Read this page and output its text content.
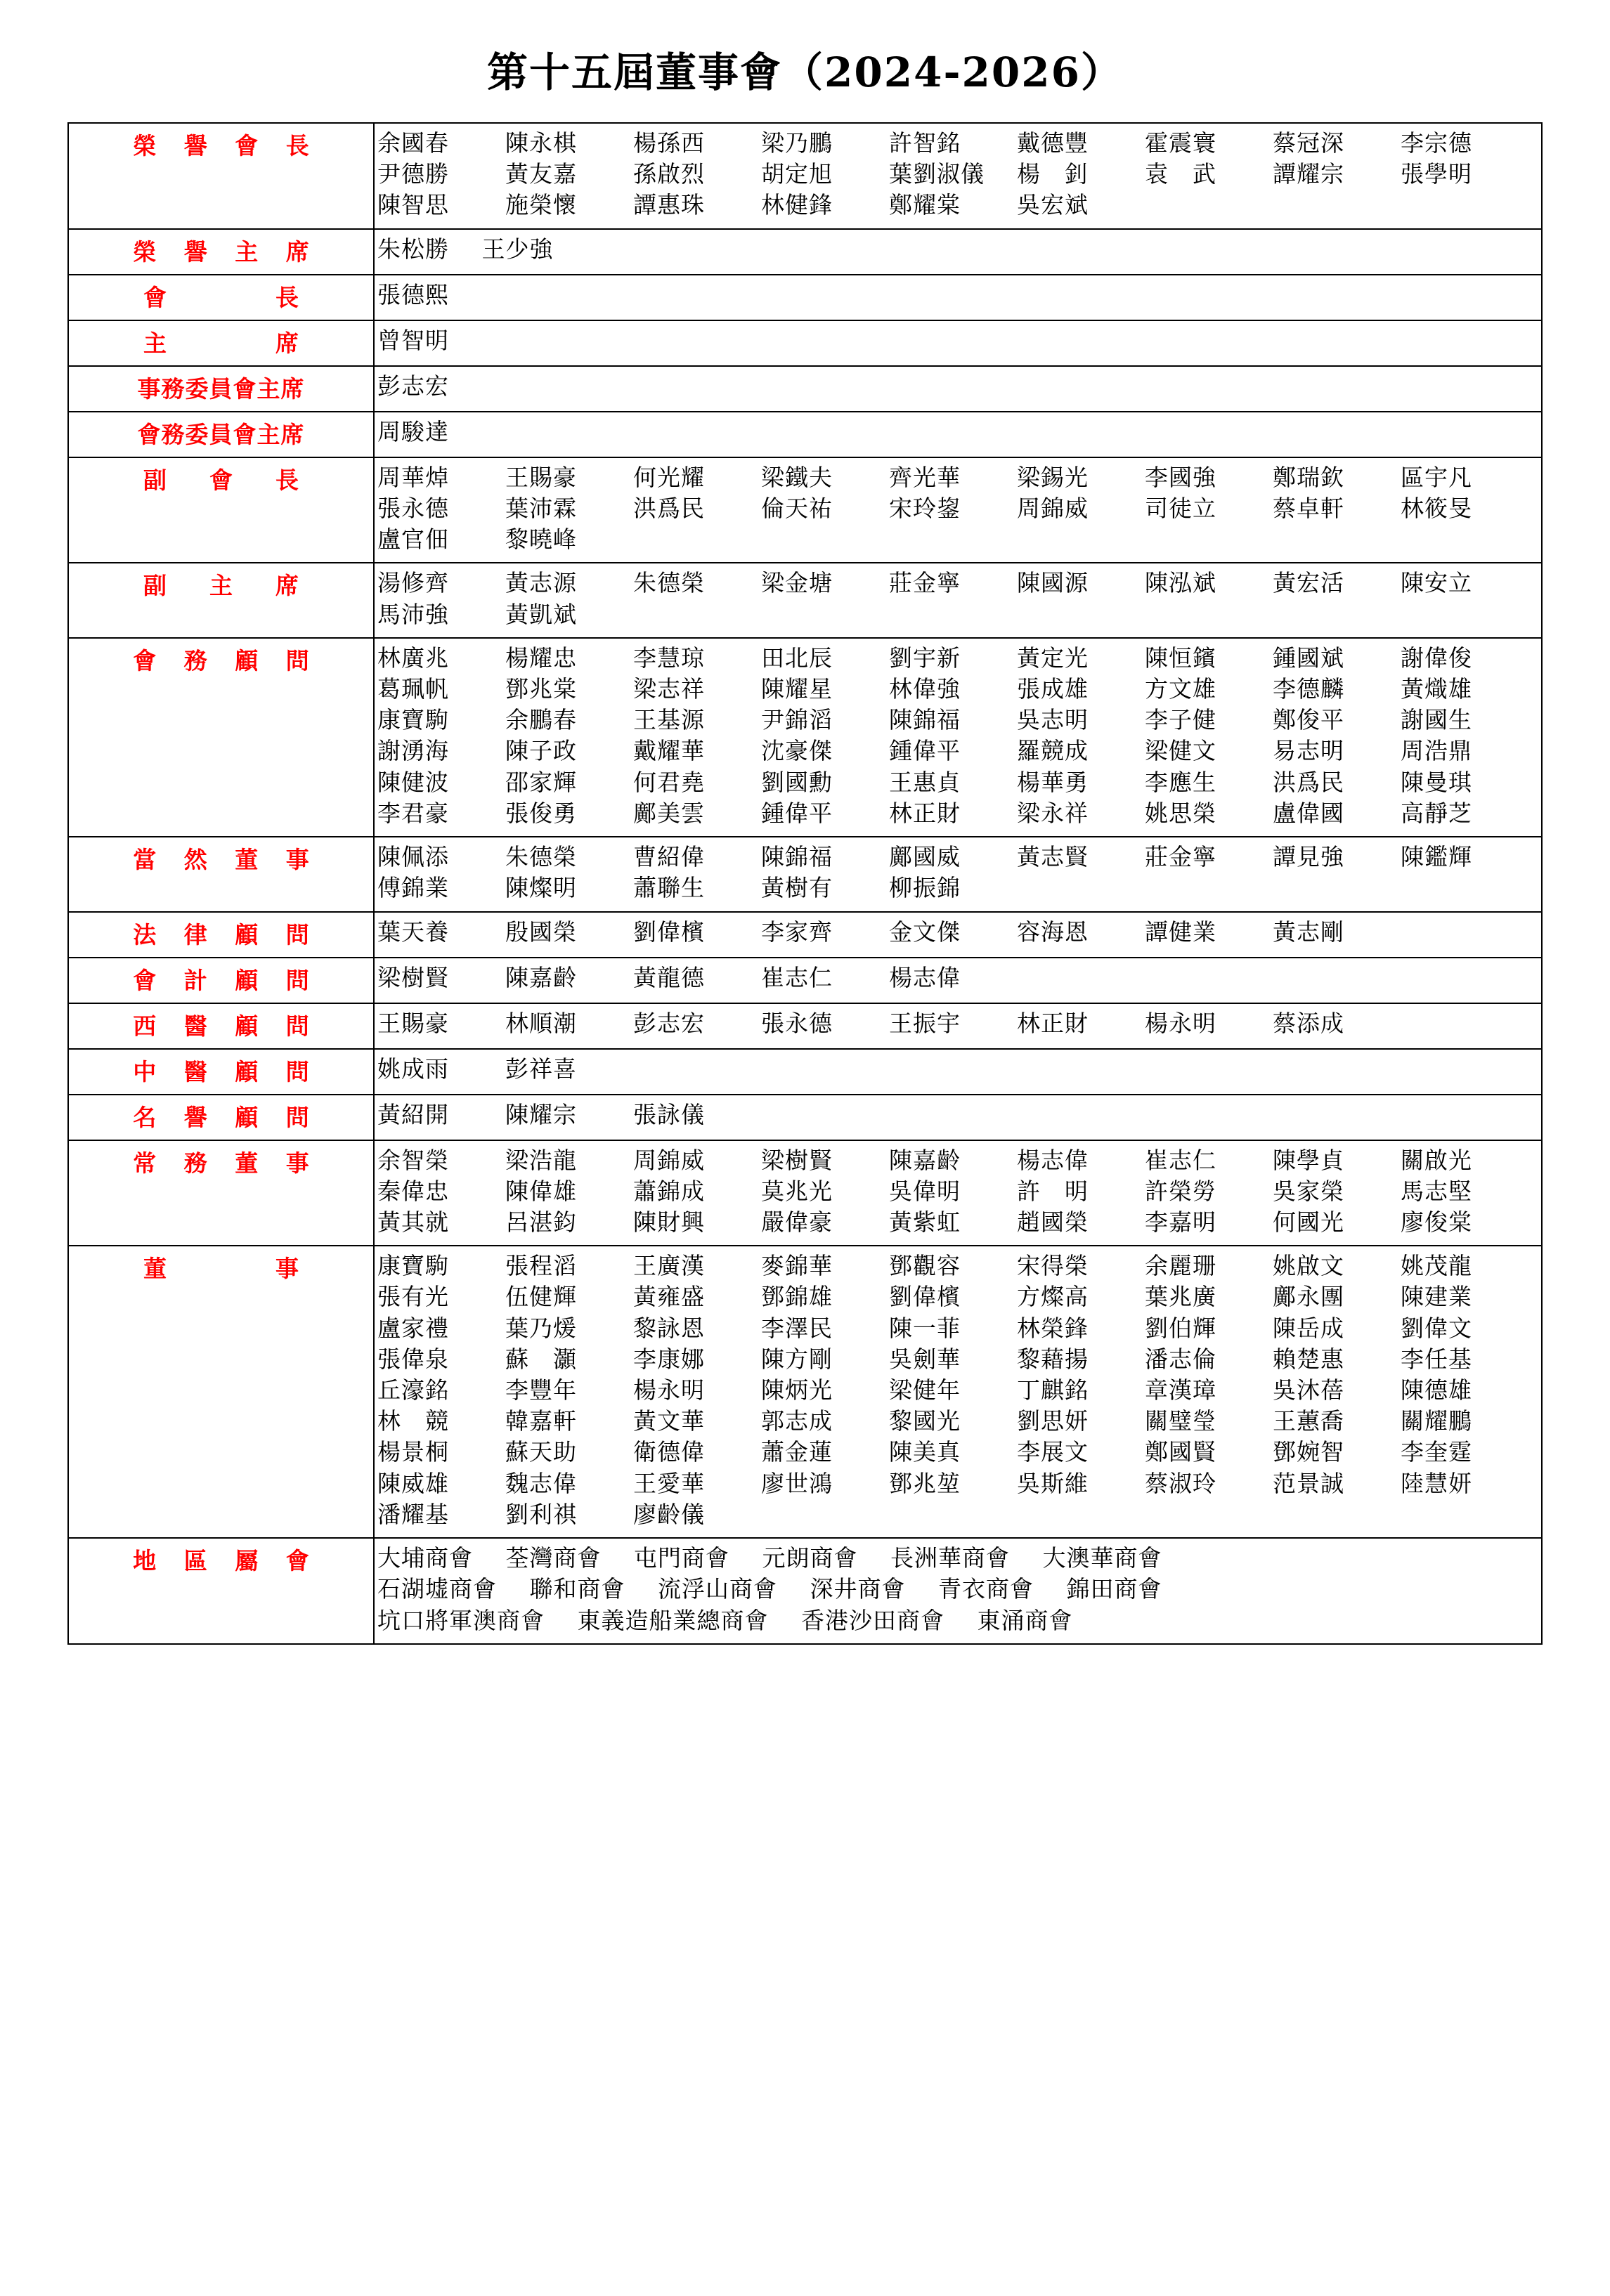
第十五屆董事會（2024-2026）
榮 譽 會 長	余國春	陳永棋	楊孫西	梁乃鵬	許智銘	戴德豐	霍震寰	蔡冠深	李宗德
尹德勝	黃友嘉	孫啟烈	胡定旭	葉劉淑儀	楊　釗	袁　武	譚耀宗	張學明
陳智思	施榮懷	譚惠珠	林健鋒	鄭耀棠	吳宏斌

榮 譽 主 席	朱松勝 王少強

會　　　長	張德熙

主　　　席	曾智明

事務委員會主席	彭志宏

會務委員會主席	周駿達

副　會　長	周華焯	王賜豪	何光耀	梁鐵夫	齊光華	梁錫光	李國強	鄭瑞欽	區宇凡
張永德	葉沛霖	洪爲民	倫天祐	宋玲鋆	周錦威	司徒立	蔡卓軒	林筱旻
盧官佃	黎曉峰

副　主　席	湯修齊	黃志源	朱德榮	梁金塘	莊金寧	陳國源	陳泓斌	黃宏活	陳安立
馬沛強	黃凱斌

會 務 顧 問	林廣兆	楊耀忠	李慧琼	田北辰	劉宇新	黃定光	陳恒鑌	鍾國斌	謝偉俊
葛珮帆	鄧兆棠	梁志祥	陳耀星	林偉強	張成雄	方文雄	李德麟	黃熾雄
康寶駒	余鵬春	王基源	尹錦滔	陳錦福	吳志明	李子健	鄭俊平	謝國生
謝湧海	陳子政	戴耀華	沈豪傑	鍾偉平	羅競成	梁健文	易志明	周浩鼎
陳健波	邵家輝	何君堯	劉國勳	王惠貞	楊華勇	李應生	洪爲民	陳曼琪
李君豪	張俊勇	鄺美雲	鍾偉平	林正財	梁永祥	姚思榮	盧偉國	高靜芝

當 然 董 事	陳佩添	朱德榮	曹紹偉	陳錦福	鄺國威	黃志賢	莊金寧	譚見強	陳鑑輝
傅錦業	陳燦明	蕭聯生	黃樹有	柳振錦

法 律 顧 問	葉天養	殷國榮	劉偉檳	李家齊	金文傑	容海恩	譚健業	黃志剛

會 計 顧 問	梁樹賢 陳嘉齡 黃龍德 崔志仁 楊志偉

西 醫 顧 問	王賜豪	林順潮	彭志宏	張永德	王振宇	林正財	楊永明	蔡添成

中 醫 顧 問	姚成雨 彭祥喜

名 譽 顧 問	黃紹開 陳耀宗 張詠儀

常 務 董 事	余智榮	梁浩龍	周錦威	梁樹賢	陳嘉齡	楊志偉	崔志仁	陳學貞	關啟光
秦偉忠	陳偉雄	蕭錦成	莫兆光	吳偉明	許　明	許榮勞	吳家榮	馬志堅
黃其就	呂湛鈞	陳財興	嚴偉豪	黃紫虹	趙國榮	李嘉明	何國光	廖俊棠

董　　　事	康寶駒	張程滔	王廣漢	麥錦華	鄧觀容	宋得榮	余麗珊	姚啟文	姚茂龍
張有光	伍健輝	黃雍盛	鄧錦雄	劉偉檳	方燦高	葉兆廣	鄺永團	陳建業
盧家禮	葉乃煖	黎詠恩	李澤民	陳一菲	林榮鋒	劉伯輝	陳岳成	劉偉文
張偉泉	蘇　灝	李康娜	陳方剛	吳劍華	黎藉揚	潘志倫	賴楚惠	李任基
丘濠銘	李豐年	楊永明	陳炳光	梁健年	丁麒銘	章漢璋	吳沐蓓	陳德雄
林　競	韓嘉軒	黃文華	郭志成	黎國光	劉思妍	關璧瑩	王蕙喬	關耀鵬
楊景桐	蘇天助	衛德偉	蕭金蓮	陳美真	李展文	鄭國賢	鄧婉智	李奎霆
陳威雄	魏志偉	王愛華	廖世鴻	鄧兆堃	吳斯維	蔡淑玲	范景誠	陸慧妍
潘耀基	劉利祺	廖齡儀

地 區 屬 會	大埔商會 荃灣商會 屯門商會 元朗商會 長洲華商會 大澳華商會
石湖墟商會 聯和商會 流浮山商會 深井商會 青衣商會 錦田商會
坑口將軍澳商會 東義造船業總商會 香港沙田商會 東涌商會
